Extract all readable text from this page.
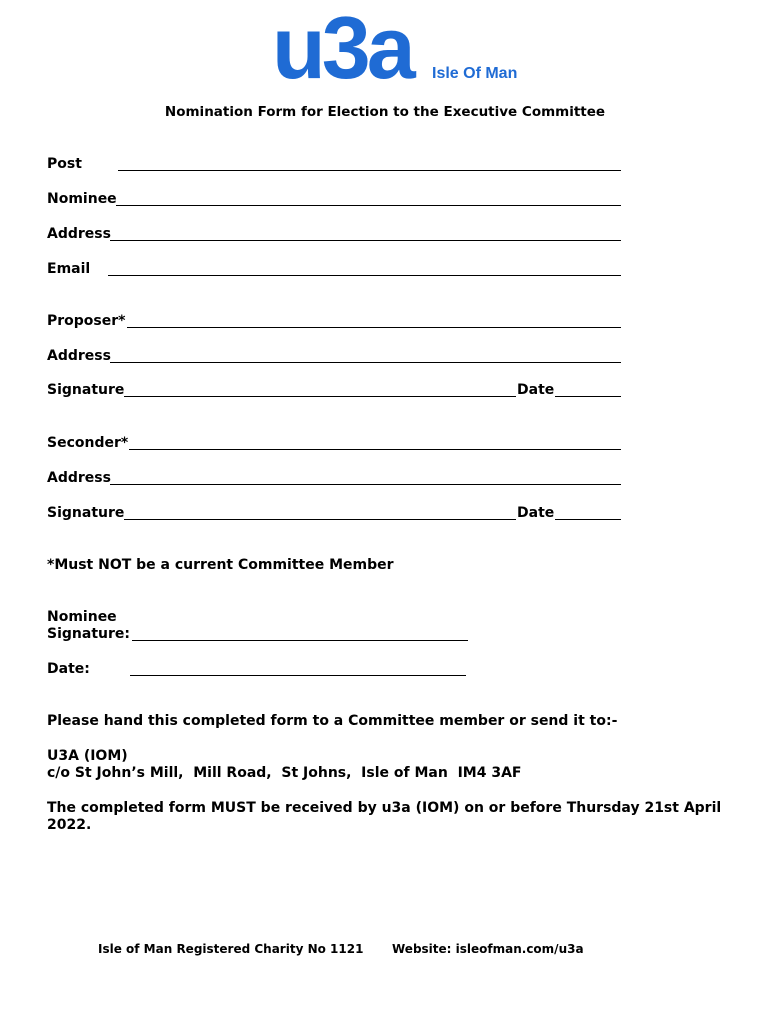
u3a Isle Of Man
Nomination Form for Election to the Executive Committee
Post
Nominee
Address
Email
Proposer*
Address
Signature	Date
Seconder*
Address
Signature	Date
*Must NOT be a current Committee Member
Nominee
Signature:
Date:
Please hand this completed form to a Committee member or send it to:-
U3A (IOM)
c/o St John’s Mill,  Mill Road,  St Johns,  Isle of Man  IM4 3AF
The completed form MUST be received by u3a (IOM) on or before Thursday 21st April
2022.
Isle of Man Registered Charity No 1121 Website: isleofman.com/u3a
